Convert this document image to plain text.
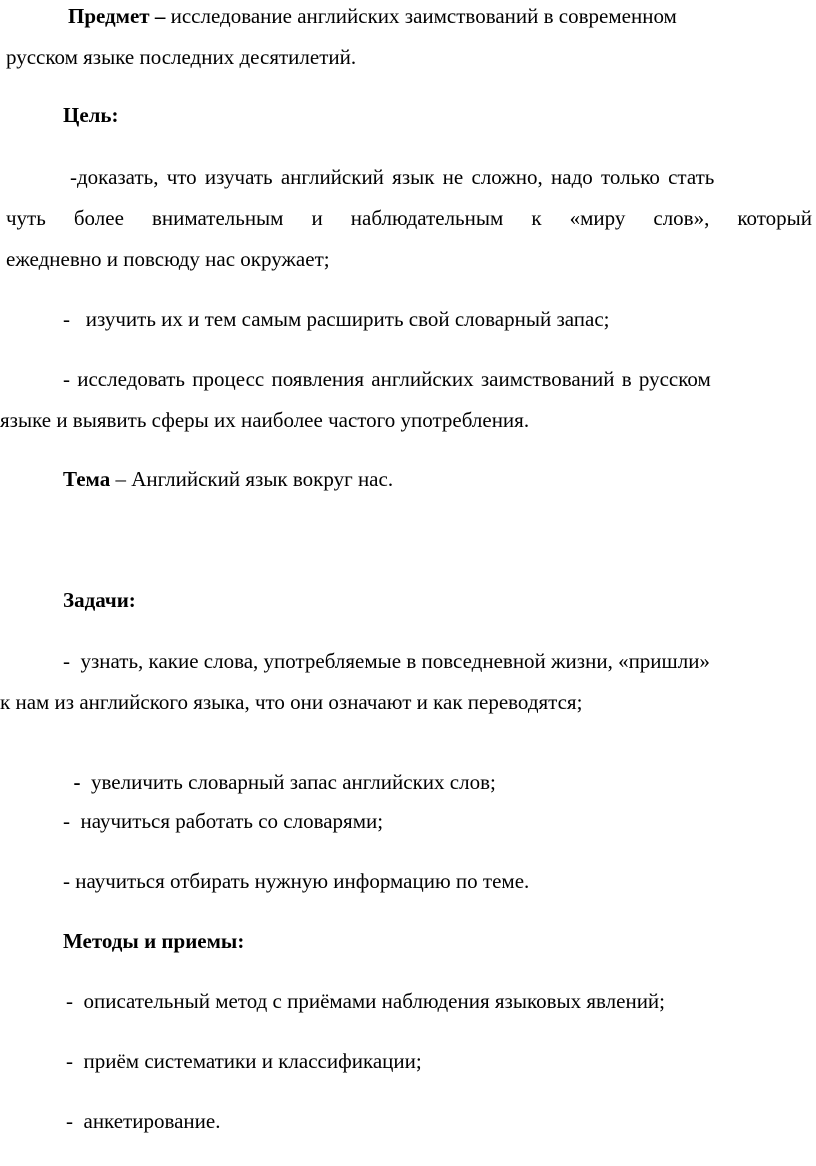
Предмет – исследование английских заимствований в современном
русском языке последних десятилетий.
Цель:
-доказать, что изучать английский язык не сложно, надо только стать
чуть более внимательным и наблюдательным к «миру слов», который
ежедневно и повсюду нас окружает;
-   изучить их и тем самым расширить свой словарный запас;
- исследовать процесс появления английских заимствований в русском
языке и выявить сферы их наиболее частого употребления.
Тема – Английский язык вокруг нас.
Задачи:
-  узнать, какие слова, употребляемые в повседневной жизни, «пришли»
к нам из английского языка, что они означают и как переводятся;

-  увеличить словарный запас английских слов;

-  научиться работать со словарями;
- научиться отбирать нужную информацию по теме.
Методы и приемы:
-  описательный метод с приёмами наблюдения языковых явлений;
-  приём систематики и классификации;
-  анкетирование.
